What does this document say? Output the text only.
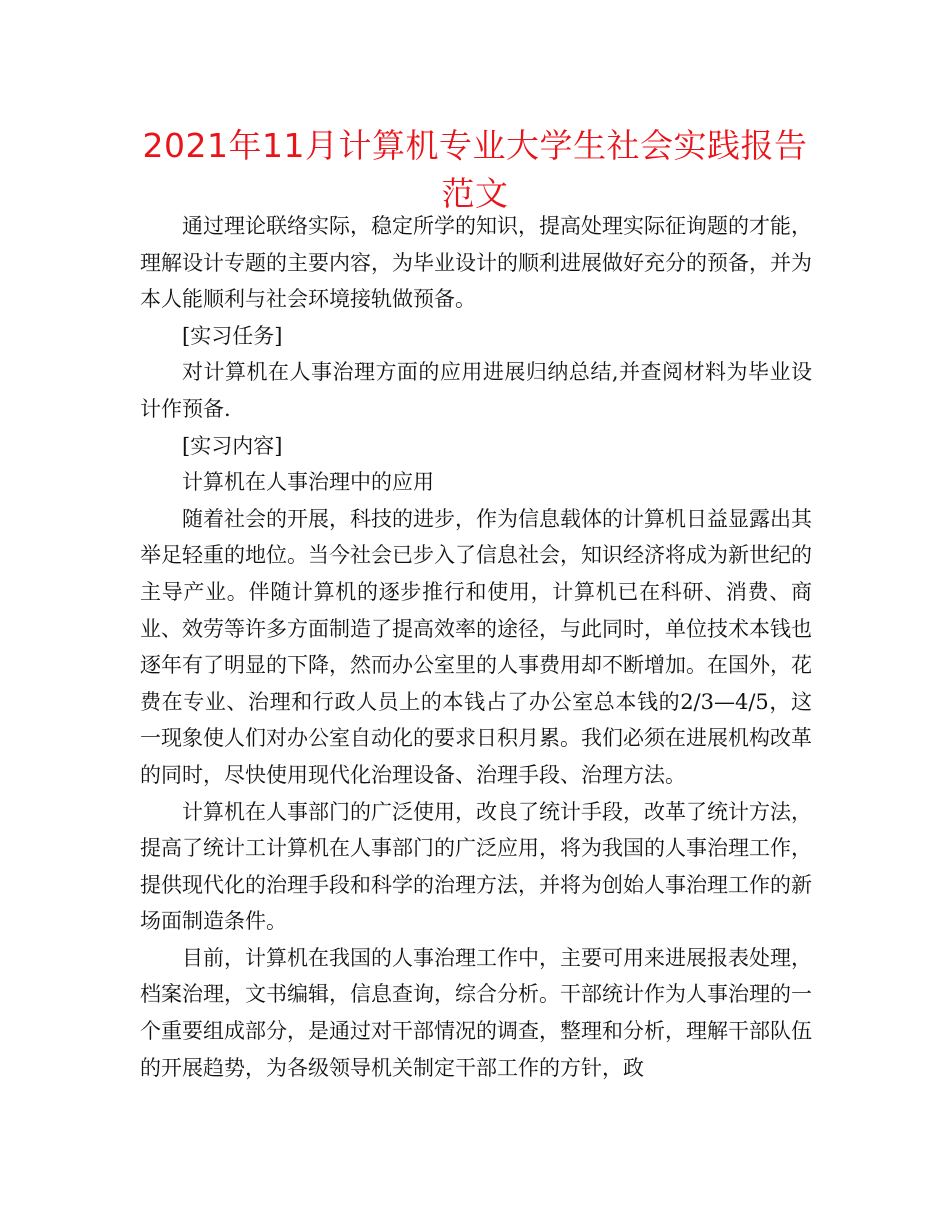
2021年11月计算机专业大学生社会实践报告范文

通过理论联络实际，稳定所学的知识，提高处理实际征询题的才能，理解设计专题的主要内容，为毕业设计的顺利进展做好充分的预备，并为本人能顺利与社会环境接轨做预备。

[实习任务]

对计算机在人事治理方面的应用进展归纳总结,并查阅材料为毕业设计作预备.

[实习内容]

计算机在人事治理中的应用

随着社会的开展，科技的进步，作为信息载体的计算机日益显露出其举足轻重的地位。当今社会已步入了信息社会，知识经济将成为新世纪的主导产业。伴随计算机的逐步推行和使用，计算机已在科研、消费、商业、效劳等许多方面制造了提高效率的途径，与此同时，单位技术本钱也逐年有了明显的下降，然而办公室里的人事费用却不断增加。在国外，花费在专业、治理和行政人员上的本钱占了办公室总本钱的2/3—4/5，这一现象使人们对办公室自动化的要求日积月累。我们必须在进展机构改革的同时，尽快使用现代化治理设备、治理手段、治理方法。

计算机在人事部门的广泛使用，改良了统计手段，改革了统计方法，提高了统计工计算机在人事部门的广泛应用，将为我国的人事治理工作，提供现代化的治理手段和科学的治理方法，并将为创始人事治理工作的新场面制造条件。

目前，计算机在我国的人事治理工作中，主要可用来进展报表处理，档案治理，文书编辑，信息查询，综合分析。干部统计作为人事治理的一个重要组成部分，是通过对干部情况的调查，整理和分析，理解干部队伍的开展趋势，为各级领导机关制定干部工作的方针，政
